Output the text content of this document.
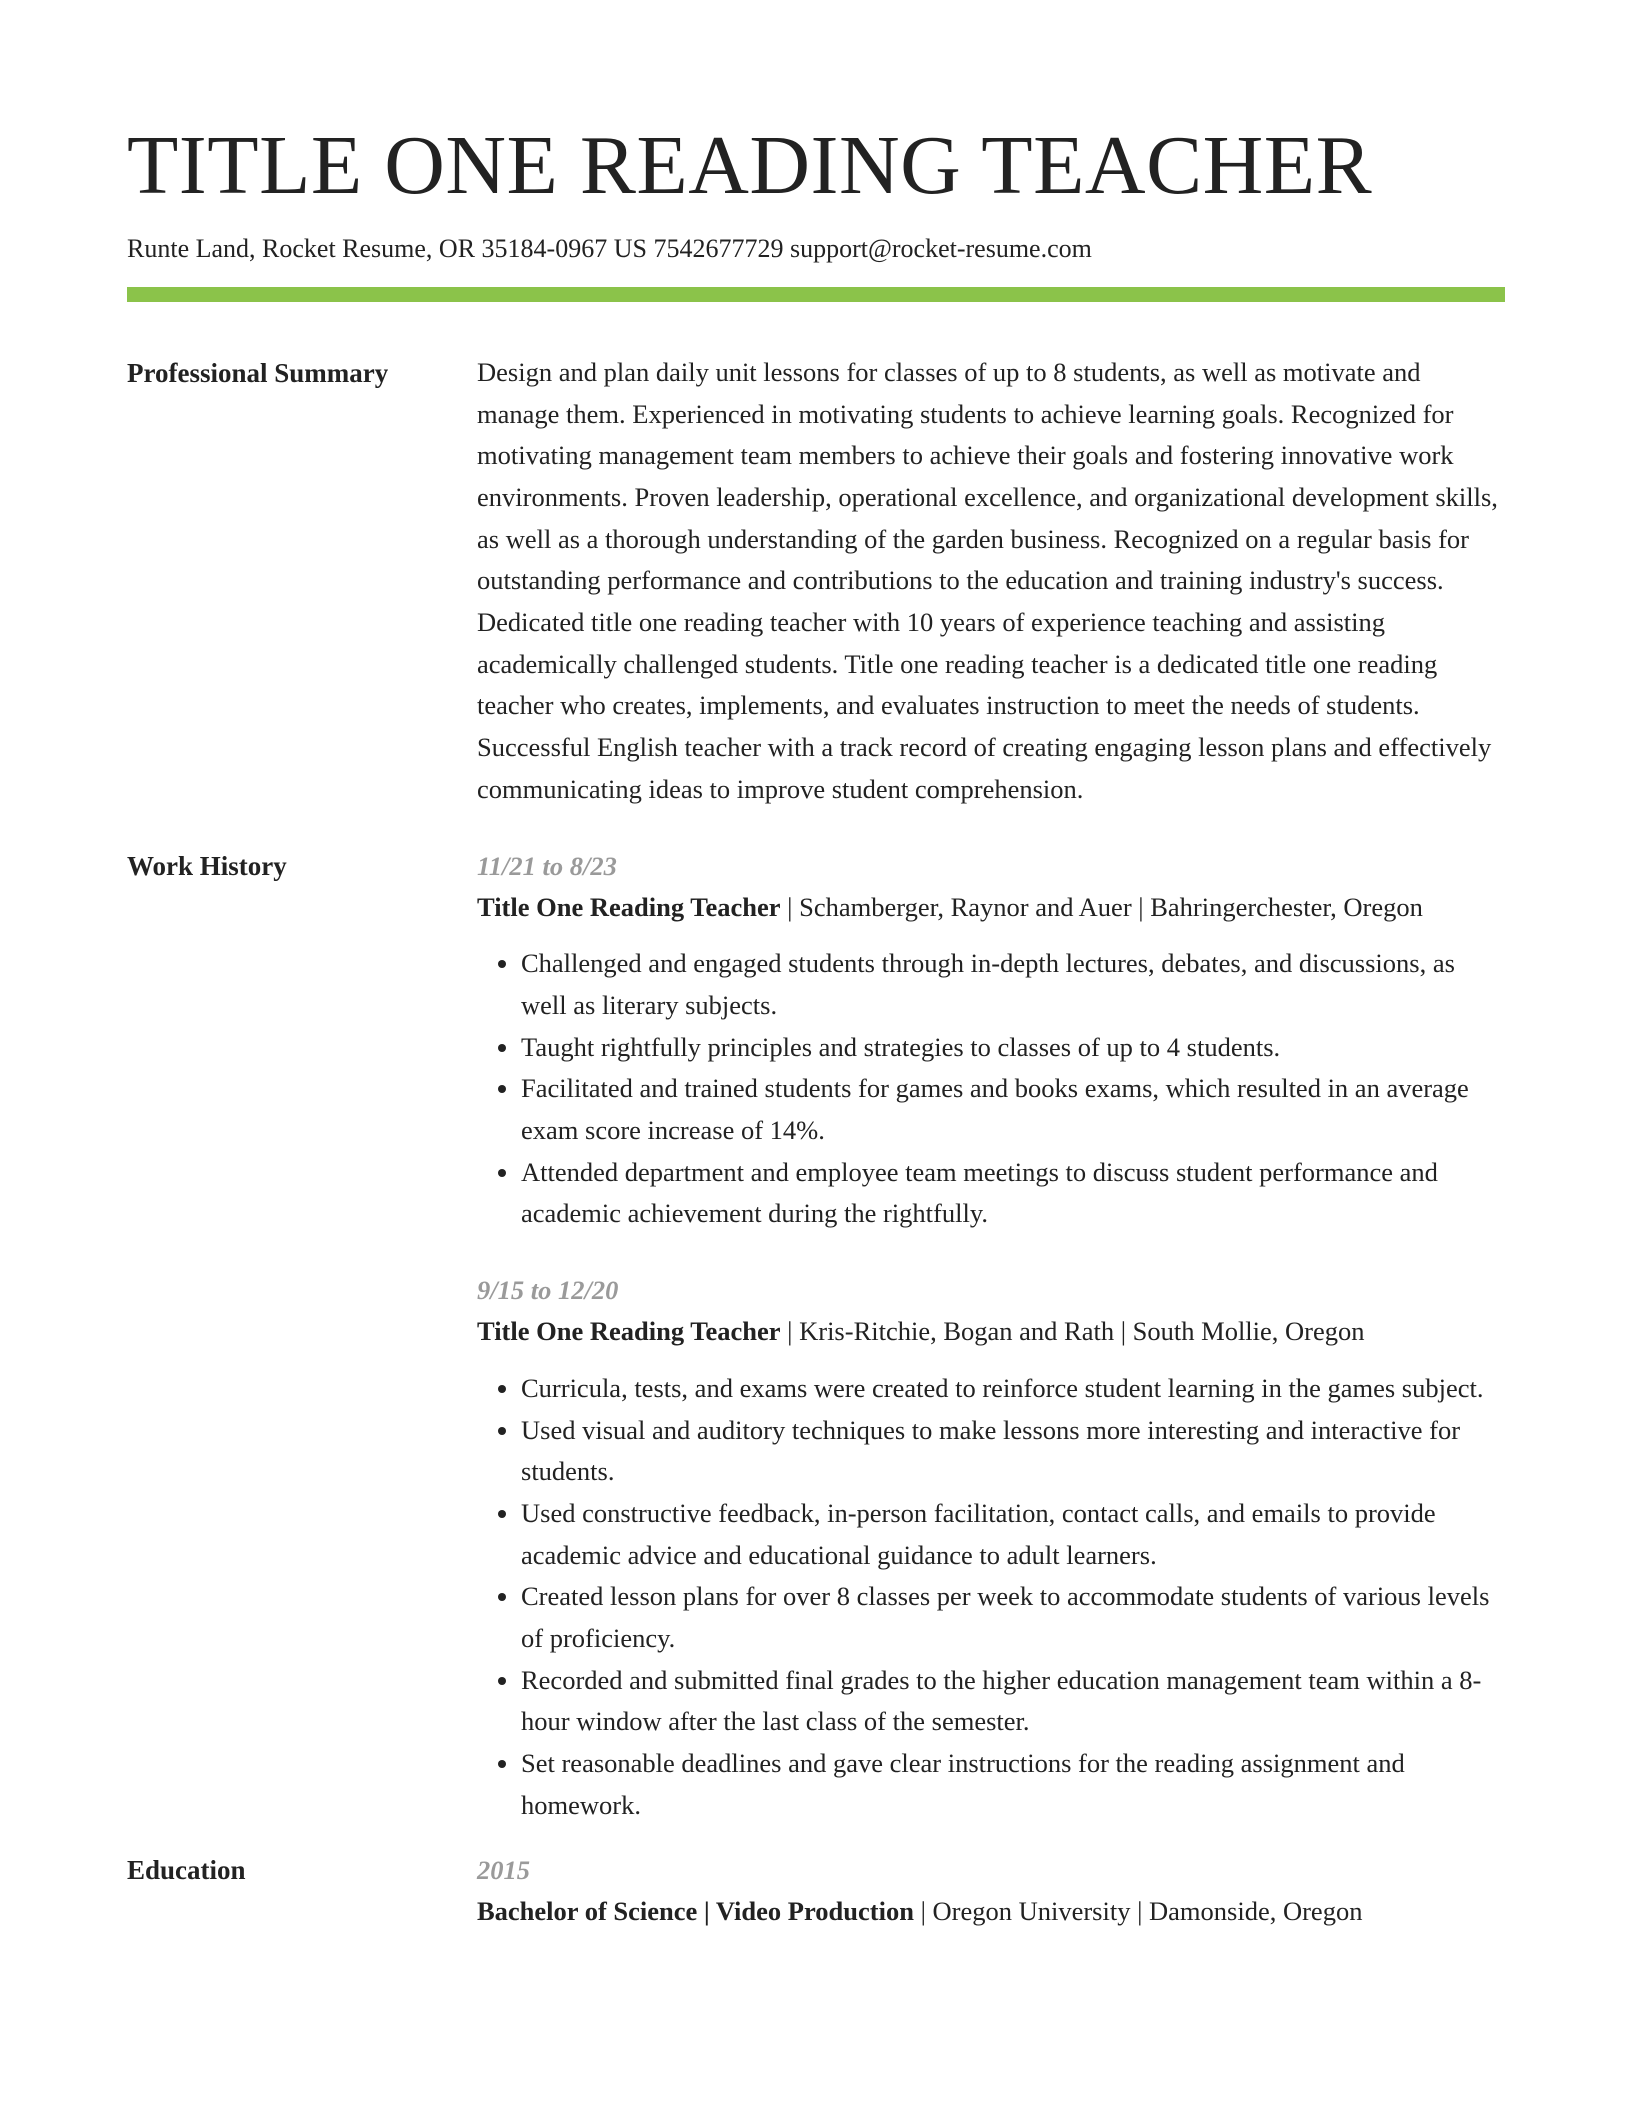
TITLE ONE READING TEACHER
Runte Land, Rocket Resume, OR 35184-0967 US 7542677729 support@rocket-resume.com
Professional Summary	Design and plan daily unit lessons for classes of up to 8 students, as well as motivate and manage them. Experienced in motivating students to achieve learning goals. Recognized for motivating management team members to achieve their goals and fostering innovative work environments. Proven leadership, operational excellence, and organizational development skills, as well as a thorough understanding of the garden business. Recognized on a regular basis for outstanding performance and contributions to the education and training industry's success. Dedicated title one reading teacher with 10 years of experience teaching and assisting academically challenged students. Title one reading teacher is a dedicated title one reading teacher who creates, implements, and evaluates instruction to meet the needs of students. Successful English teacher with a track record of creating engaging lesson plans and effectively communicating ideas to improve student comprehension.

Work History	11/21 to 8/23
Title One Reading Teacher | Schamberger, Raynor and Auer | Bahringerchester, Oregon
• Challenged and engaged students through in-depth lectures, debates, and discussions, as well as literary subjects.
• Taught rightfully principles and strategies to classes of up to 4 students.
• Facilitated and trained students for games and books exams, which resulted in an average exam score increase of 14%.
• Attended department and employee team meetings to discuss student performance and academic achievement during the rightfully.
9/15 to 12/20
Title One Reading Teacher | Kris-Ritchie, Bogan and Rath | South Mollie, Oregon
• Curricula, tests, and exams were created to reinforce student learning in the games subject.
• Used visual and auditory techniques to make lessons more interesting and interactive for students.
• Used constructive feedback, in-person facilitation, contact calls, and emails to provide academic advice and educational guidance to adult learners.
• Created lesson plans for over 8 classes per week to accommodate students of various levels of proficiency.
• Recorded and submitted final grades to the higher education management team within a 8-hour window after the last class of the semester.
• Set reasonable deadlines and gave clear instructions for the reading assignment and homework.
Education	2015
Bachelor of Science | Video Production | Oregon University | Damonside, Oregon
